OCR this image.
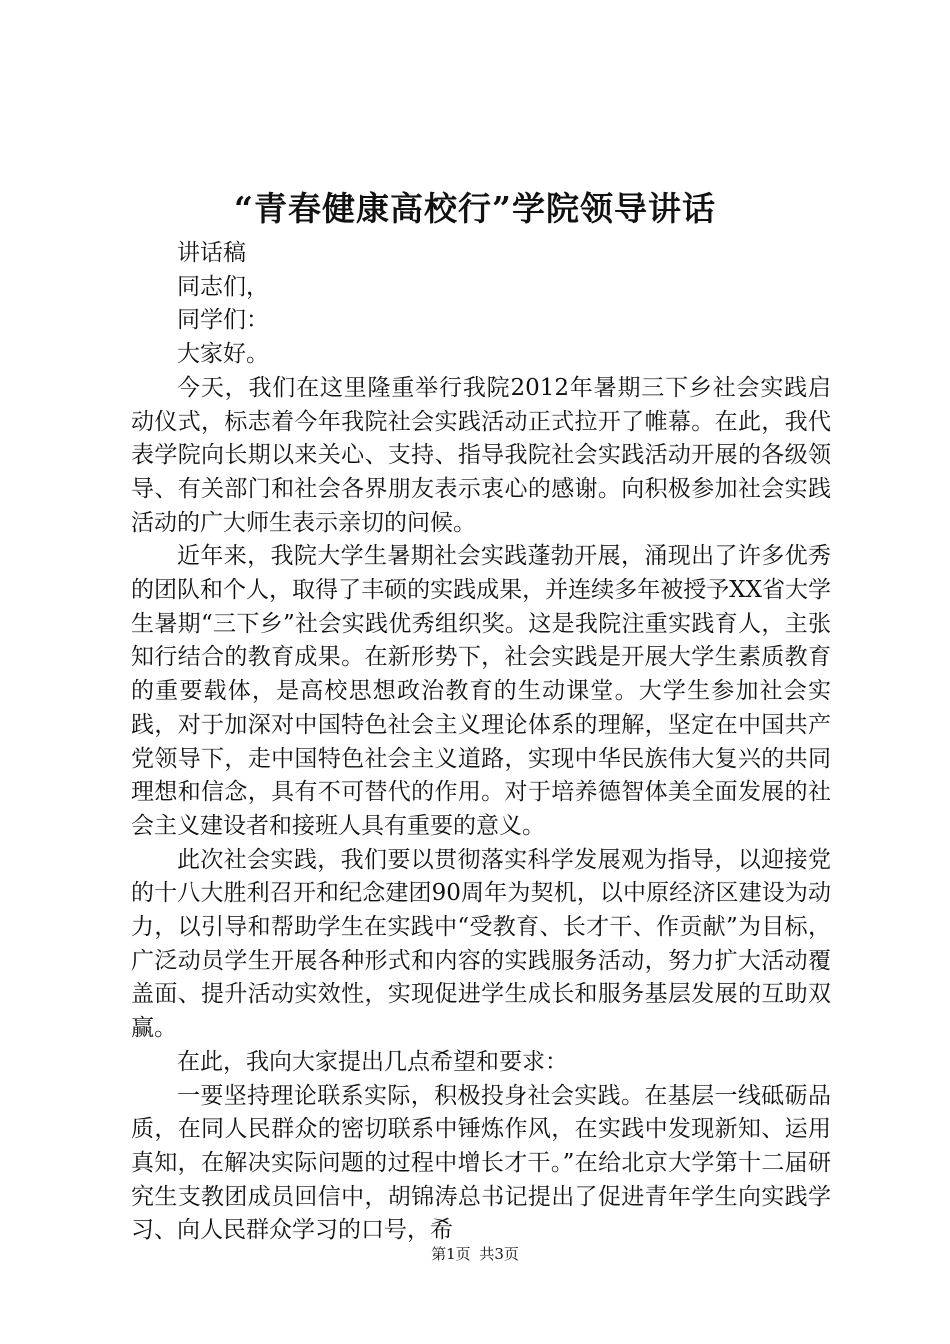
“青春健康高校行”学院领导讲话

讲话稿

同志们，

同学们：

大家好。

今天，我们在这里隆重举行我院2012年暑期三下乡社会实践启动仪式，标志着今年我院社会实践活动正式拉开了帷幕。在此，我代表学院向长期以来关心、支持、指导我院社会实践活动开展的各级领导、有关部门和社会各界朋友表示衷心的感谢。向积极参加社会实践活动的广大师生表示亲切的问候。

近年来，我院大学生暑期社会实践蓬勃开展，涌现出了许多优秀的团队和个人，取得了丰硕的实践成果，并连续多年被授予XX省大学生暑期“三下乡”社会实践优秀组织奖。这是我院注重实践育人，主张知行结合的教育成果。在新形势下，社会实践是开展大学生素质教育的重要载体，是高校思想政治教育的生动课堂。大学生参加社会实践，对于加深对中国特色社会主义理论体系的理解，坚定在中国共产党领导下，走中国特色社会主义道路，实现中华民族伟大复兴的共同理想和信念，具有不可替代的作用。对于培养德智体美全面发展的社会主义建设者和接班人具有重要的意义。

此次社会实践，我们要以贯彻落实科学发展观为指导，以迎接党的十八大胜利召开和纪念建团90周年为契机，以中原经济区建设为动力，以引导和帮助学生在实践中“受教育、长才干、作贡献”为目标，广泛动员学生开展各种形式和内容的实践服务活动，努力扩大活动覆盖面、提升活动实效性，实现促进学生成长和服务基层发展的互助双赢。

在此，我向大家提出几点希望和要求：

一要坚持理论联系实际，积极投身社会实践。在基层一线砥砺品质，在同人民群众的密切联系中锤炼作风，在实践中发现新知、运用真知，在解决实际问题的过程中增长才干。”在给北京大学第十二届研究生支教团成员回信中，胡锦涛总书记提出了促进青年学生向实践学习、向人民群众学习的口号，希

第1页 共3页
